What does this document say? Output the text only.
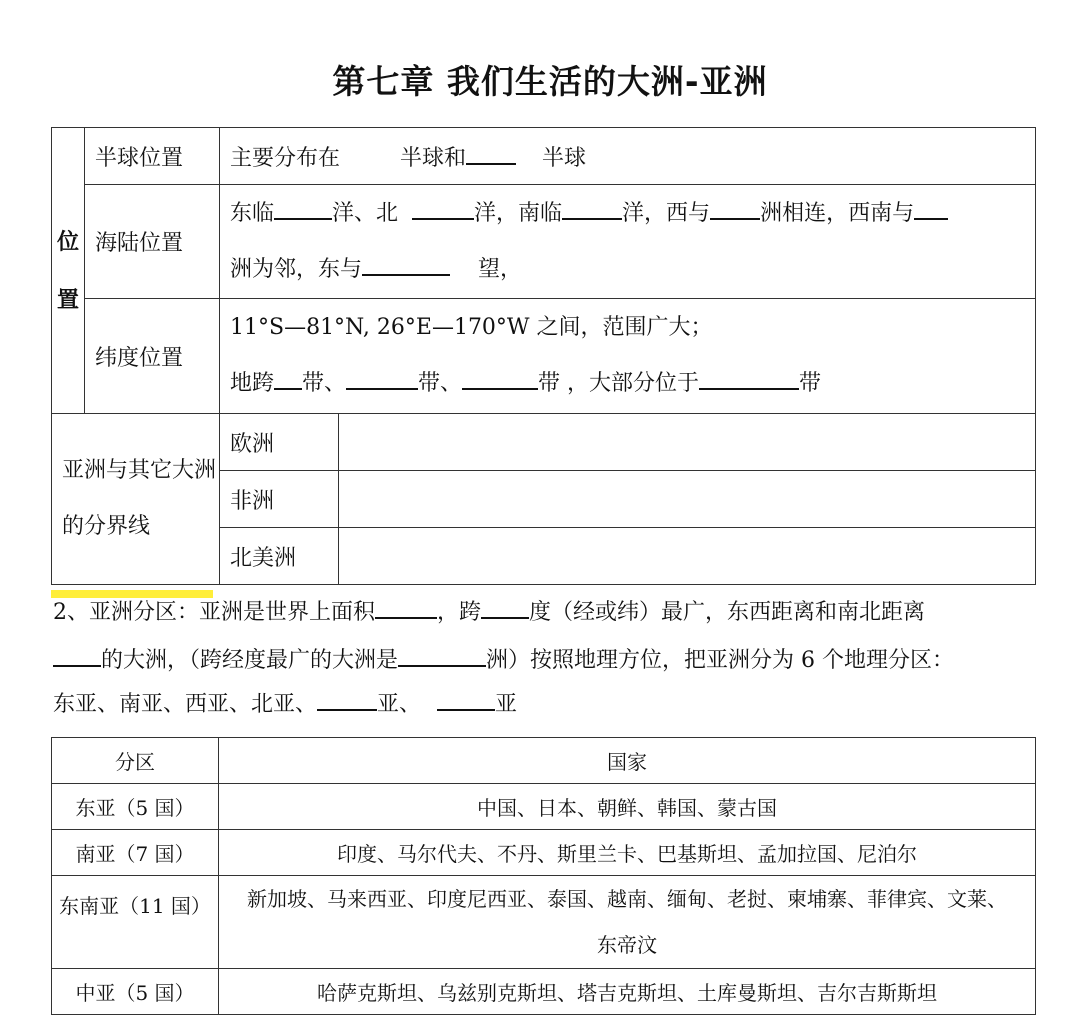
第七章 我们生活的大洲-亚洲
位
置	半球位置	主要分布在 半球和 半球	
	海陆位置	东临 洋、北 洋，南临 洋，西与 洲相连，西南与
洲为邻，东与 望，	

	纬度位置	11°S—81°N, 26°E—170°W 之间，范围广大；
地跨 带、 带、 带 ，大部分位于 带	

亚洲与其它大洲的分界线		欧洲	
		非洲	
		北美洲	
2、亚洲分区：亚洲是世界上面积	，跨 度（经或纬）最广，东西距离和南北距离
的大洲，（跨经度最广的大洲是	洲）按照地理方位，把亚洲分为 6 个地理分区：
东亚、南亚、西亚、北亚、	亚、	亚
分区	国家
东亚（5 国）	中国、日本、朝鲜、韩国、蒙古国
南亚（7 国）	印度、马尔代夫、不丹、斯里兰卡、巴基斯坦、孟加拉国、尼泊尔
东南亚（11 国）	新加坡、马来西亚、印度尼西亚、泰国、越南、缅甸、老挝、柬埔寨、菲律宾、文莱、
东帝汶

中亚（5 国）	哈萨克斯坦、乌兹别克斯坦、塔吉克斯坦、土库曼斯坦、吉尔吉斯斯坦
